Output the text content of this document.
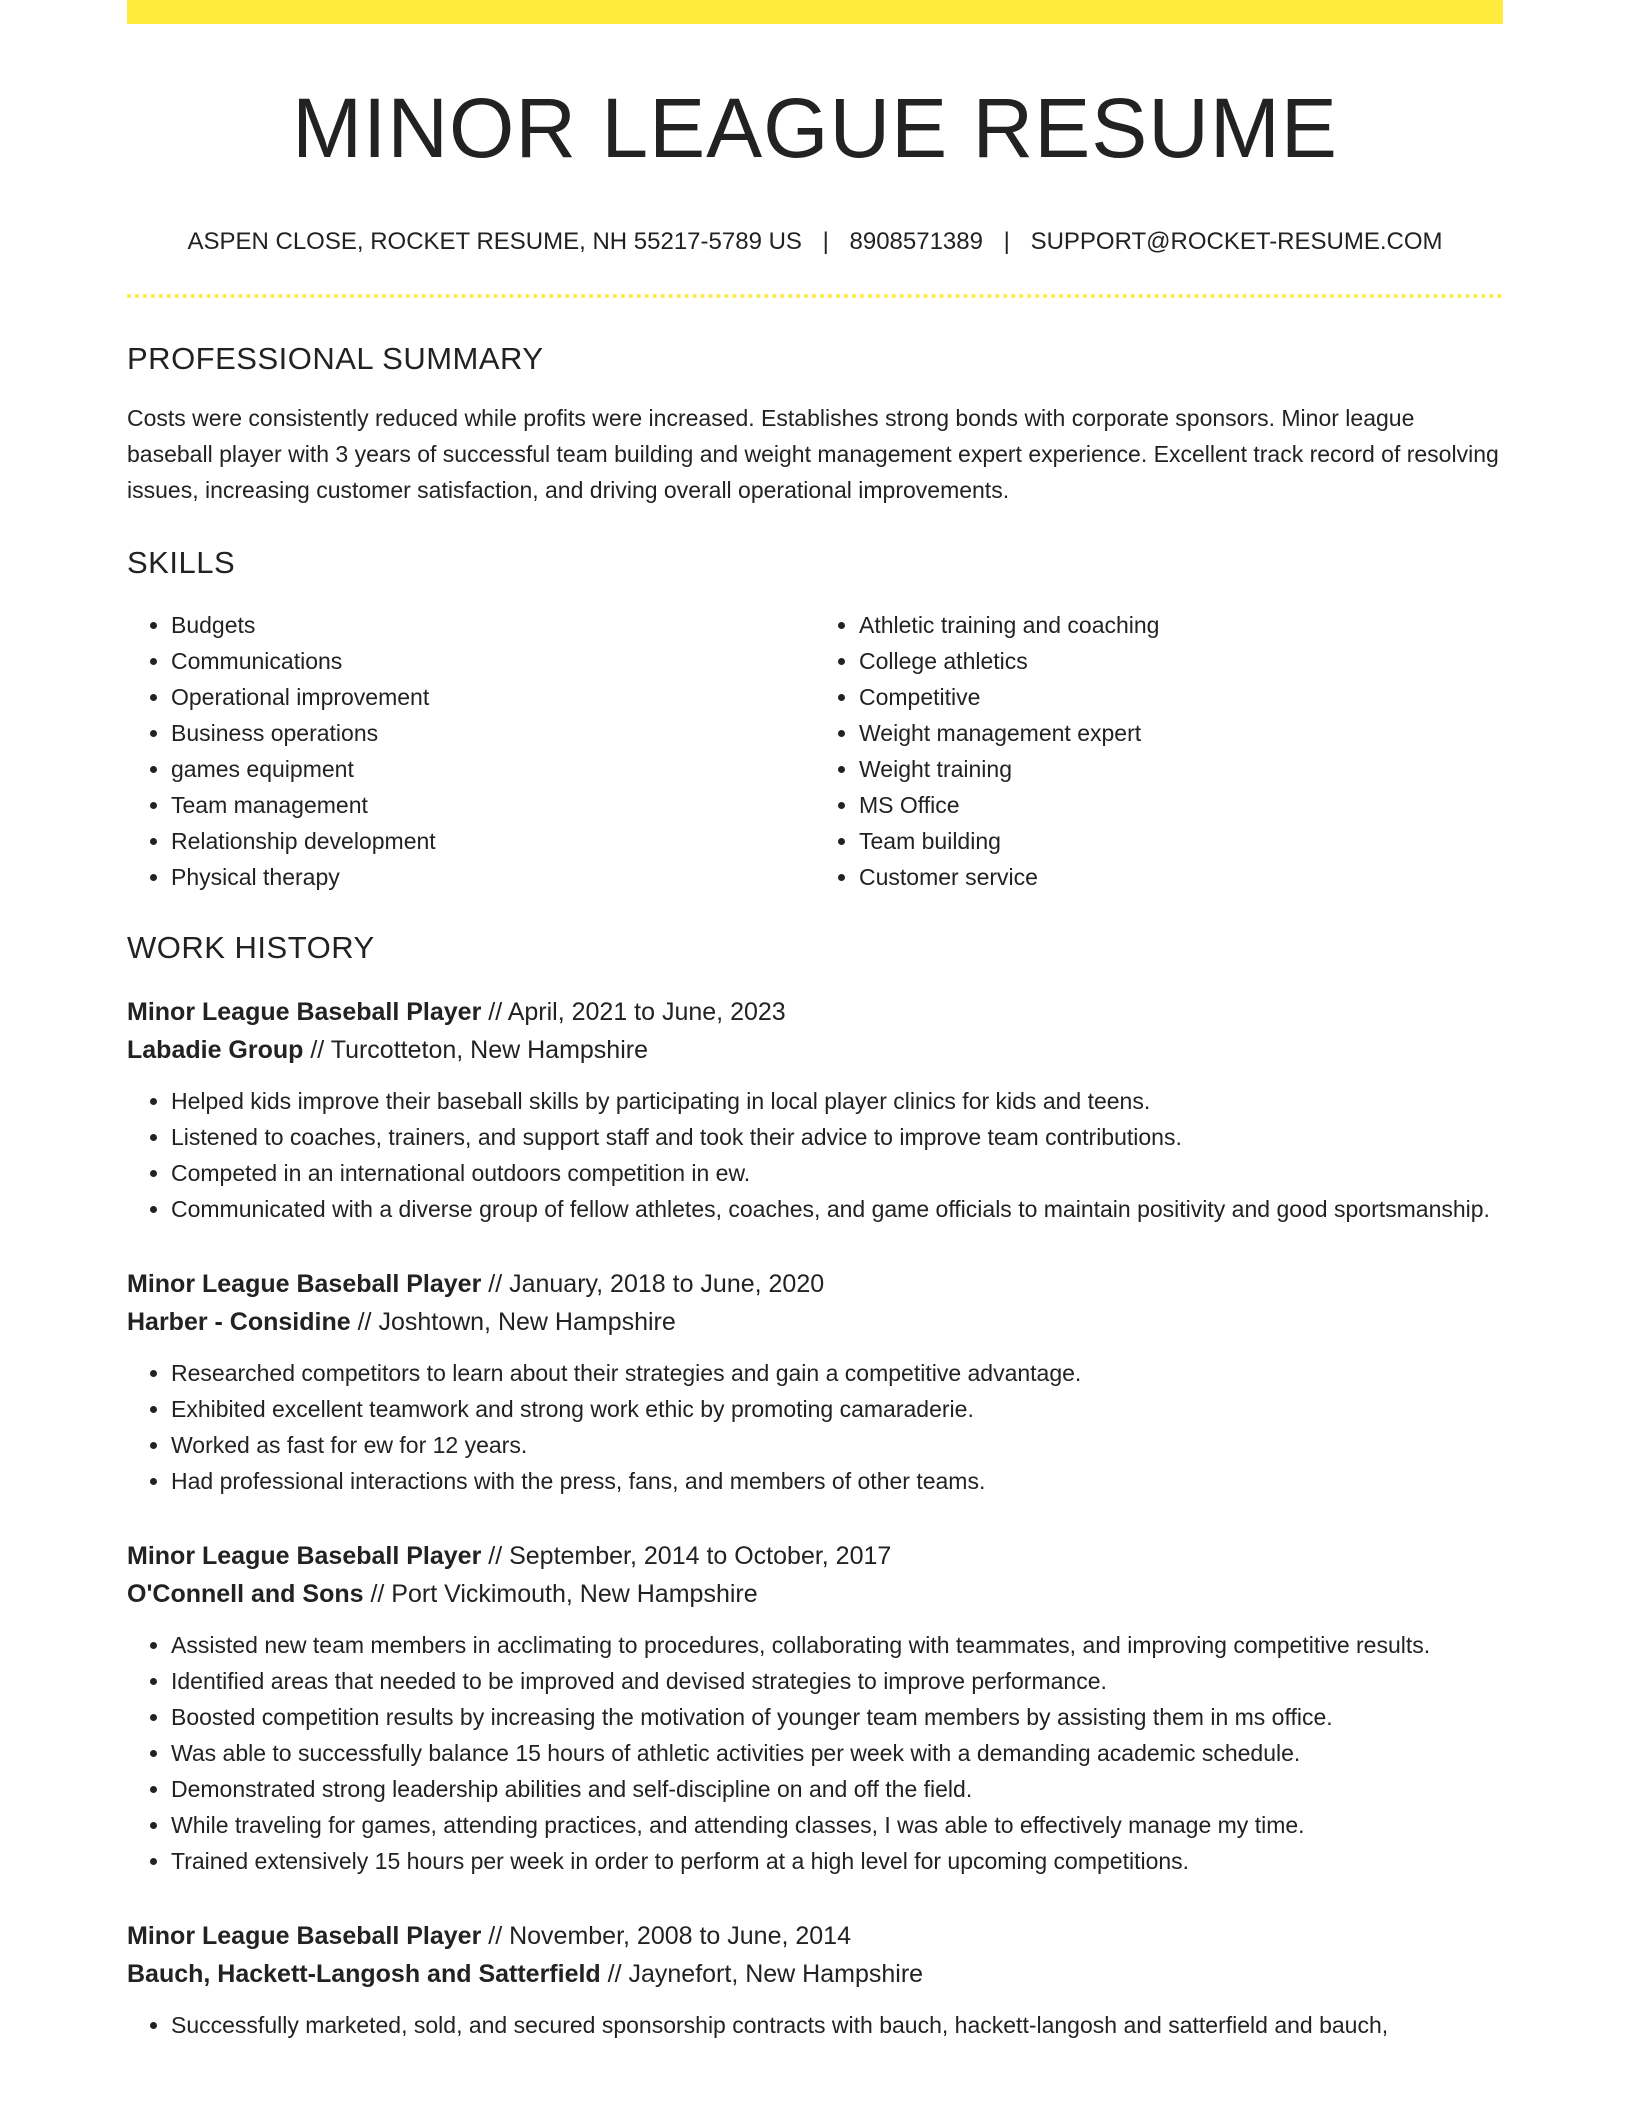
MINOR LEAGUE RESUME
ASPEN CLOSE, ROCKET RESUME, NH 55217-5789 US | 8908571389 | SUPPORT@ROCKET-RESUME.COM
PROFESSIONAL SUMMARY

Costs were consistently reduced while profits were increased. Establishes strong bonds with corporate sponsors. Minor league baseball player with 3 years of successful team building and weight management expert experience. Excellent track record of resolving issues, increasing customer satisfaction, and driving overall operational improvements.

SKILLS
• Budgets
• Communications
• Operational improvement
• Business operations
• games equipment
• Team management
• Relationship development
• Physical therapy
• Athletic training and coaching
• College athletics
• Competitive
• Weight management expert
• Weight training
• MS Office
• Team building
• Customer service
WORK HISTORY
Minor League Baseball Player // April, 2021 to June, 2023
Labadie Group // Turcotteton, New Hampshire
• Helped kids improve their baseball skills by participating in local player clinics for kids and teens.
• Listened to coaches, trainers, and support staff and took their advice to improve team contributions.
• Competed in an international outdoors competition in ew.
• Communicated with a diverse group of fellow athletes, coaches, and game officials to maintain positivity and good sportsmanship.
Minor League Baseball Player // January, 2018 to June, 2020
Harber - Considine // Joshtown, New Hampshire
• Researched competitors to learn about their strategies and gain a competitive advantage.
• Exhibited excellent teamwork and strong work ethic by promoting camaraderie.
• Worked as fast for ew for 12 years.
• Had professional interactions with the press, fans, and members of other teams.
Minor League Baseball Player // September, 2014 to October, 2017
O'Connell and Sons // Port Vickimouth, New Hampshire
• Assisted new team members in acclimating to procedures, collaborating with teammates, and improving competitive results.
• Identified areas that needed to be improved and devised strategies to improve performance.
• Boosted competition results by increasing the motivation of younger team members by assisting them in ms office.
• Was able to successfully balance 15 hours of athletic activities per week with a demanding academic schedule.
• Demonstrated strong leadership abilities and self-discipline on and off the field.
• While traveling for games, attending practices, and attending classes, I was able to effectively manage my time.
• Trained extensively 15 hours per week in order to perform at a high level for upcoming competitions.
Minor League Baseball Player // November, 2008 to June, 2014
Bauch, Hackett-Langosh and Satterfield // Jaynefort, New Hampshire
• Successfully marketed, sold, and secured sponsorship contracts with bauch, hackett-langosh and satterfield and bauch,
